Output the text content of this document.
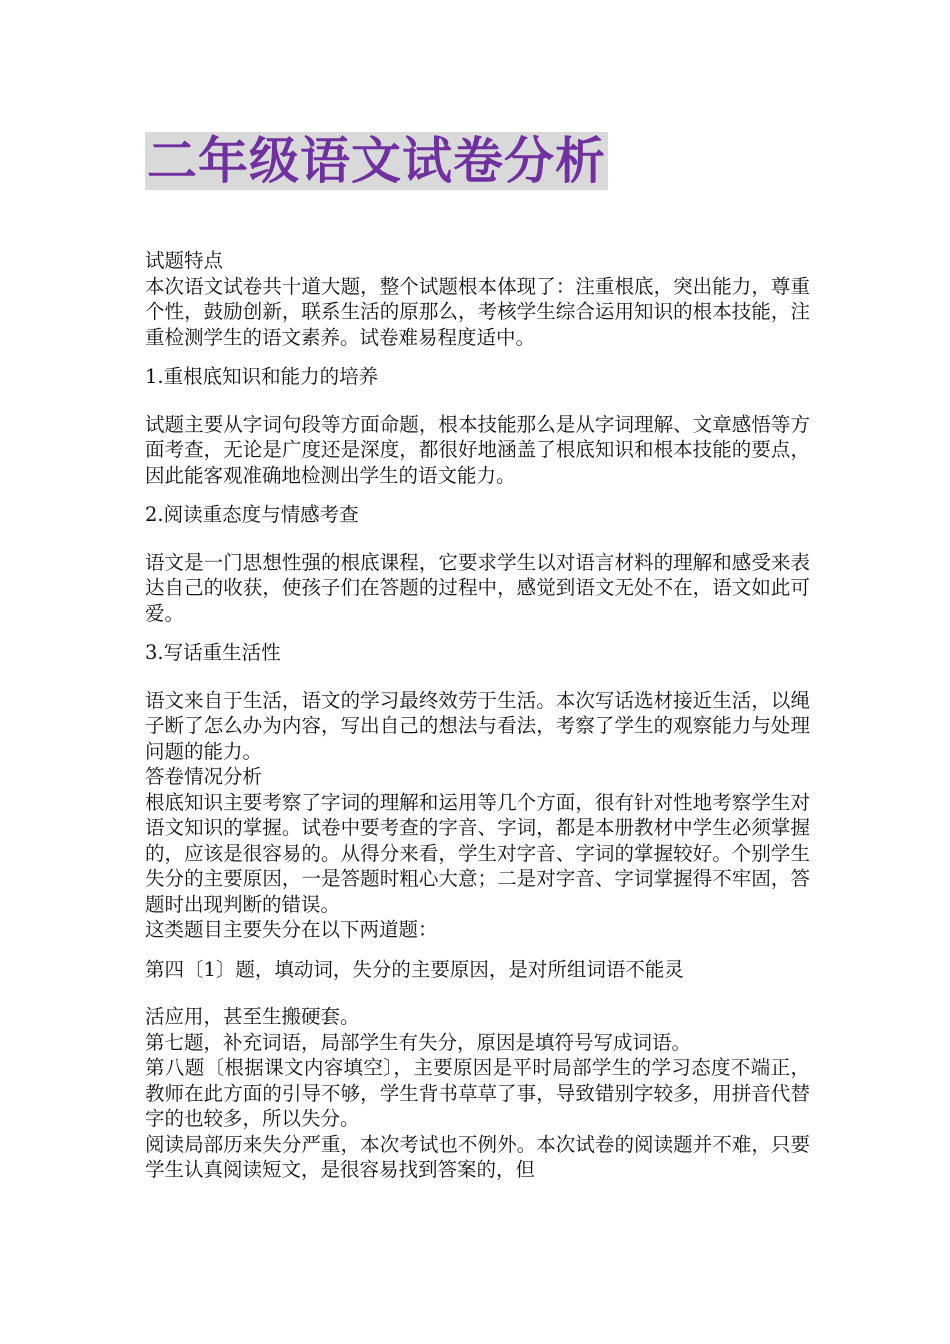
二年级语文试卷分析

试题特点

本次语文试卷共十道大题，整个试题根本体现了：注重根底，突出能力，尊重个性，鼓励创新，联系生活的原那么，考核学生综合运用知识的根本技能，注重检测学生的语文素养。试卷难易程度适中。

1.重根底知识和能力的培养

试题主要从字词句段等方面命题，根本技能那么是从字词理解、文章感悟等方面考查，无论是广度还是深度，都很好地涵盖了根底知识和根本技能的要点，因此能客观准确地检测出学生的语文能力。

2.阅读重态度与情感考查

语文是一门思想性强的根底课程，它要求学生以对语言材料的理解和感受来表达自己的收获，使孩子们在答题的过程中，感觉到语文无处不在，语文如此可爱。

3.写话重生活性

语文来自于生活，语文的学习最终效劳于生活。本次写话选材接近生活，以绳子断了怎么办为内容，写出自己的想法与看法，考察了学生的观察能力与处理问题的能力。

答卷情况分析

根底知识主要考察了字词的理解和运用等几个方面，很有针对性地考察学生对语文知识的掌握。试卷中要考查的字音、字词，都是本册教材中学生必须掌握的，应该是很容易的。从得分来看，学生对字音、字词的掌握较好。个别学生失分的主要原因，一是答题时粗心大意；二是对字音、字词掌握得不牢固，答题时出现判断的错误。

这类题目主要失分在以下两道题：

第四〔1〕题，填动词，失分的主要原因，是对所组词语不能灵

活应用，甚至生搬硬套。

第七题，补充词语，局部学生有失分，原因是填符号写成词语。

第八题〔根据课文内容填空〕，主要原因是平时局部学生的学习态度不端正，教师在此方面的引导不够，学生背书草草了事，导致错别字较多，用拼音代替字的也较多，所以失分。

阅读局部历来失分严重，本次考试也不例外。本次试卷的阅读题并不难，只要学生认真阅读短文，是很容易找到答案的，但
